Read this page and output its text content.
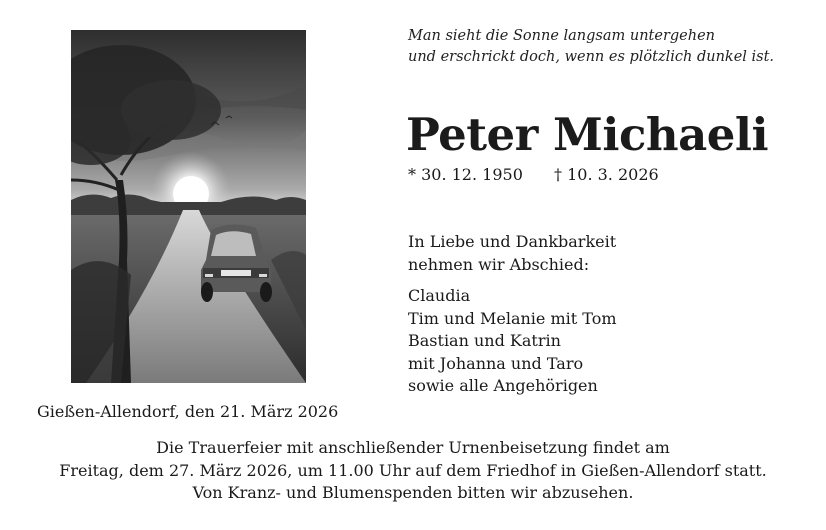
Man sieht die Sonne langsam untergehen
und erschrickt doch, wenn es plötzlich dunkel ist.
Peter Michaeli
* 30. 12. 1950 † 10. 3. 2026
In Liebe und Dankbarkeit
nehmen wir Abschied:
Claudia
Tim und Melanie mit Tom
Bastian und Katrin
mit Johanna und Taro
sowie alle Angehörigen
Gießen-Allendorf, den 21. März 2026
Die Trauerfeier mit anschließender Urnenbeisetzung findet am
Freitag, dem 27. März 2026, um 11.00 Uhr auf dem Friedhof in Gießen-Allendorf statt.
Von Kranz- und Blumenspenden bitten wir abzusehen.
